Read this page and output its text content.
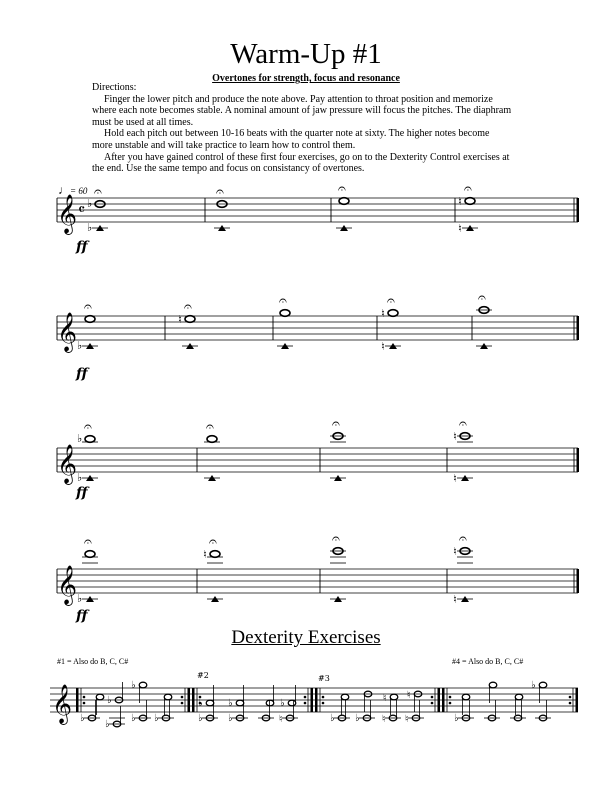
Warm-Up #1
Overtones for strength, focus and resonance

Directions:

Finger the lower pitch and produce the note above. Pay attention to throat position and memorize where each note becomes stable. A nominal amount of jaw pressure will focus the pitches. The diaphram must be used at all times.

Hold each pitch out between 10-16 beats with the quarter note at sixty. The higher notes become more unstable and will take practice to learn how to control them.

After you have gained control of these first four exercises, go on to the Dexterity Control exercises at the end. Use the same tempo and focus on consistancy of overtones.

♩= 60
Dexterity Exercises
#1 = Also do B, C, C#	#4 = Also do B, C, C#
𝄞 𝄴 ♭
𝄐
♭
𝄐	𝄐
♮
𝄐
♮
ff
𝄞
𝄐
♭
♮
𝄐	𝄐
♮
𝄐
♮
𝄐
ff
𝄞
♭
𝄐
♭
𝄐	𝄐
♮
𝄐
♮
ff
𝄞
𝄐
♭
♮
𝄐	𝄐
♮
𝄐
♮
ff
𝄞 ♭
♭
♭
♭
♭
♭	♭
♭
♭
♭
♮
♭
♭ ♭ ♮
♮
♮
♮
♭
♭
#2	#3
